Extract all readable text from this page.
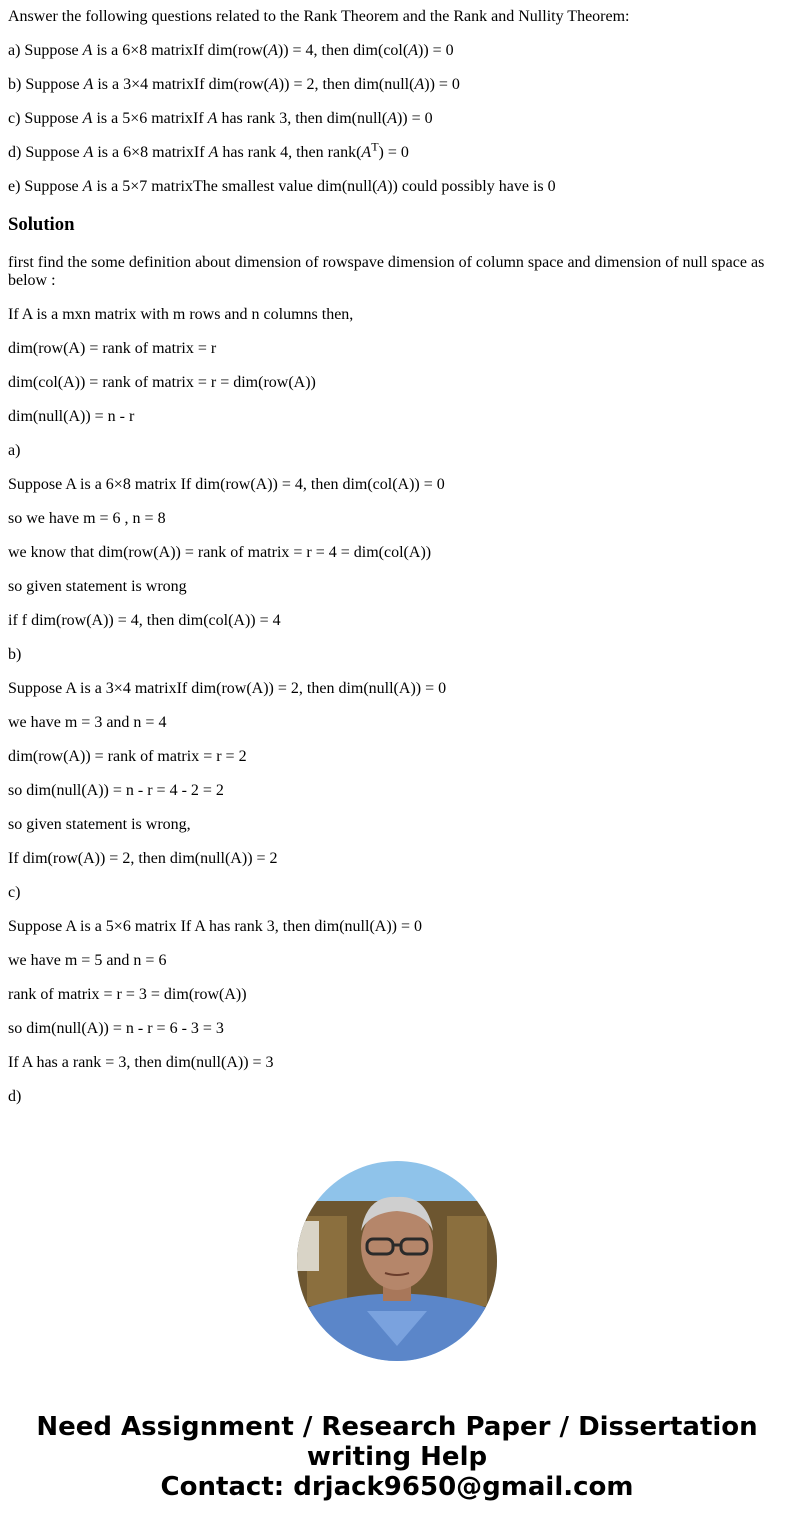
Answer the following questions related to the Rank Theorem and the Rank and Nullity Theorem:

a) Suppose A is a 6×8 matrixIf dim(row(A)) = 4, then dim(col(A)) = 0

b) Suppose A is a 3×4 matrixIf dim(row(A)) = 2, then dim(null(A)) = 0

c) Suppose A is a 5×6 matrixIf A has rank 3, then dim(null(A)) = 0

d) Suppose A is a 6×8 matrixIf A has rank 4, then $rank(A^T) = 0$

e) Suppose A is a 5×7 matrixThe smallest value dim(null(A)) could possibly have is 0

Solution

first find the some definition about dimension of rowspave dimension of column space and dimension of null space as below :

If A is a mxn matrix with m rows and n columns then,

dim(row(A) = rank of matrix = r

dim(col(A)) = rank of matrix = r = dim(row(A))

dim(null(A)) = n - r

a)

Suppose A is a 6×8 matrix If dim(row(A)) = 4, then dim(col(A)) = 0

so we have m = 6 , n = 8

we know that dim(row(A)) = rank of matrix = r = 4 = dim(col(A))

so given statement is wrong

if f dim(row(A)) = 4, then dim(col(A)) = 4

b)

Suppose A is a 3×4 matrixIf dim(row(A)) = 2, then dim(null(A)) = 0

we have m = 3 and n = 4

dim(row(A)) = rank of matrix = r = 2

so dim(null(A)) = n - r = 4 - 2 = 2

so given statement is wrong,

If dim(row(A)) = 2, then dim(null(A)) = 2

c)

Suppose A is a 5×6 matrix If A has rank 3, then dim(null(A)) = 0

we have m = 5 and n = 6

rank of matrix = r = 3 = dim(row(A))

so dim(null(A)) = n - r = 6 - 3 = 3

If A has a rank = 3, then dim(null(A)) = 3

d)

Need Assignment / Research Paper / Dissertation
writing Help
Contact: drjack9650@gmail.com
